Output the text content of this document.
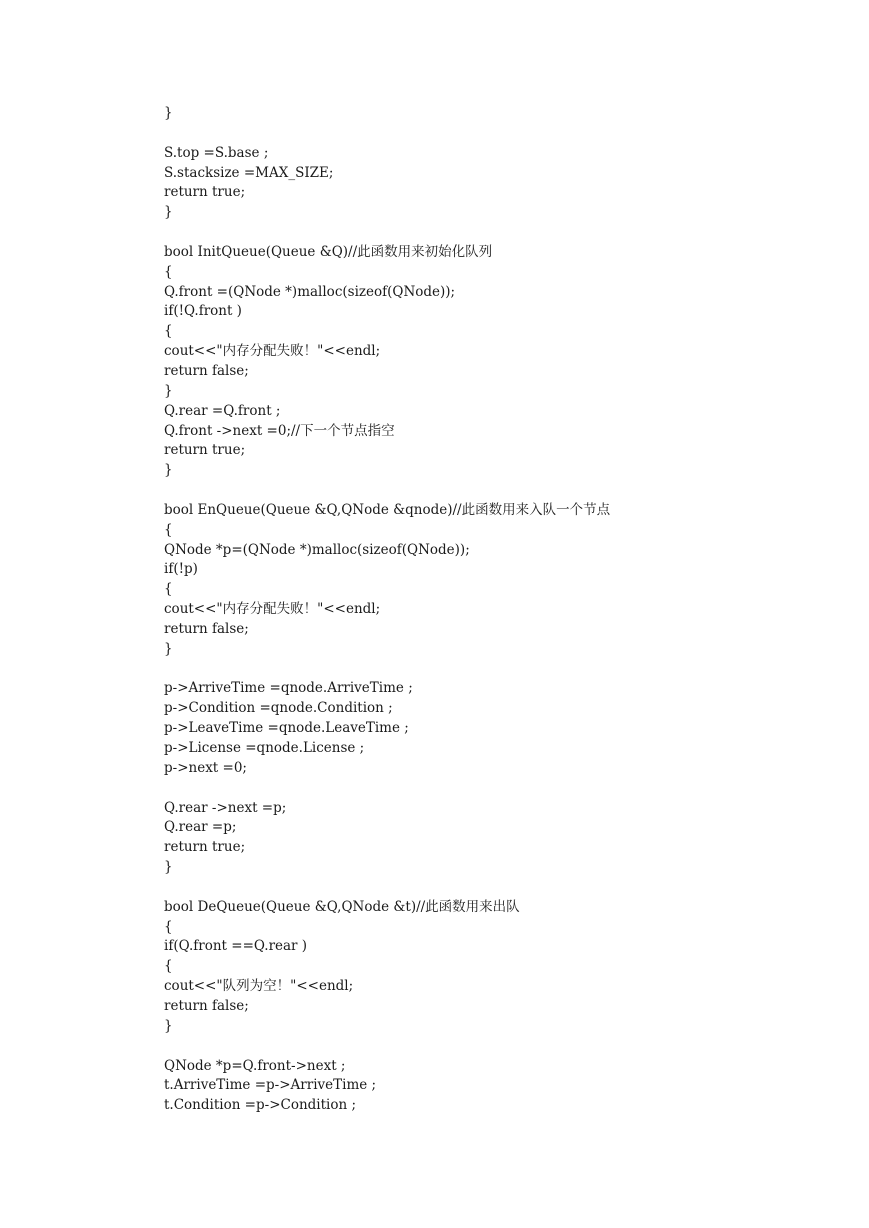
}
S.top =S.base ;
S.stacksize =MAX_SIZE;
return true;
}
bool InitQueue(Queue &Q)//此函数用来初始化队列
{
Q.front =(QNode *)malloc(sizeof(QNode));
if(!Q.front )
{
cout<<"内存分配失败！"<<endl;
return false;
}
Q.rear =Q.front ;
Q.front ->next =0;//下一个节点指空
return true;
}
bool EnQueue(Queue &Q,QNode &qnode)//此函数用来入队一个节点
{
QNode *p=(QNode *)malloc(sizeof(QNode));
if(!p)
{
cout<<"内存分配失败！"<<endl;
return false;
}
p->ArriveTime =qnode.ArriveTime ;
p->Condition =qnode.Condition ;
p->LeaveTime =qnode.LeaveTime ;
p->License =qnode.License ;
p->next =0;
Q.rear ->next =p;
Q.rear =p;
return true;
}
bool DeQueue(Queue &Q,QNode &t)//此函数用来出队
{
if(Q.front ==Q.rear )
{
cout<<"队列为空！"<<endl;
return false;
}
QNode *p=Q.front->next ;
t.ArriveTime =p->ArriveTime ;
t.Condition =p->Condition ;
